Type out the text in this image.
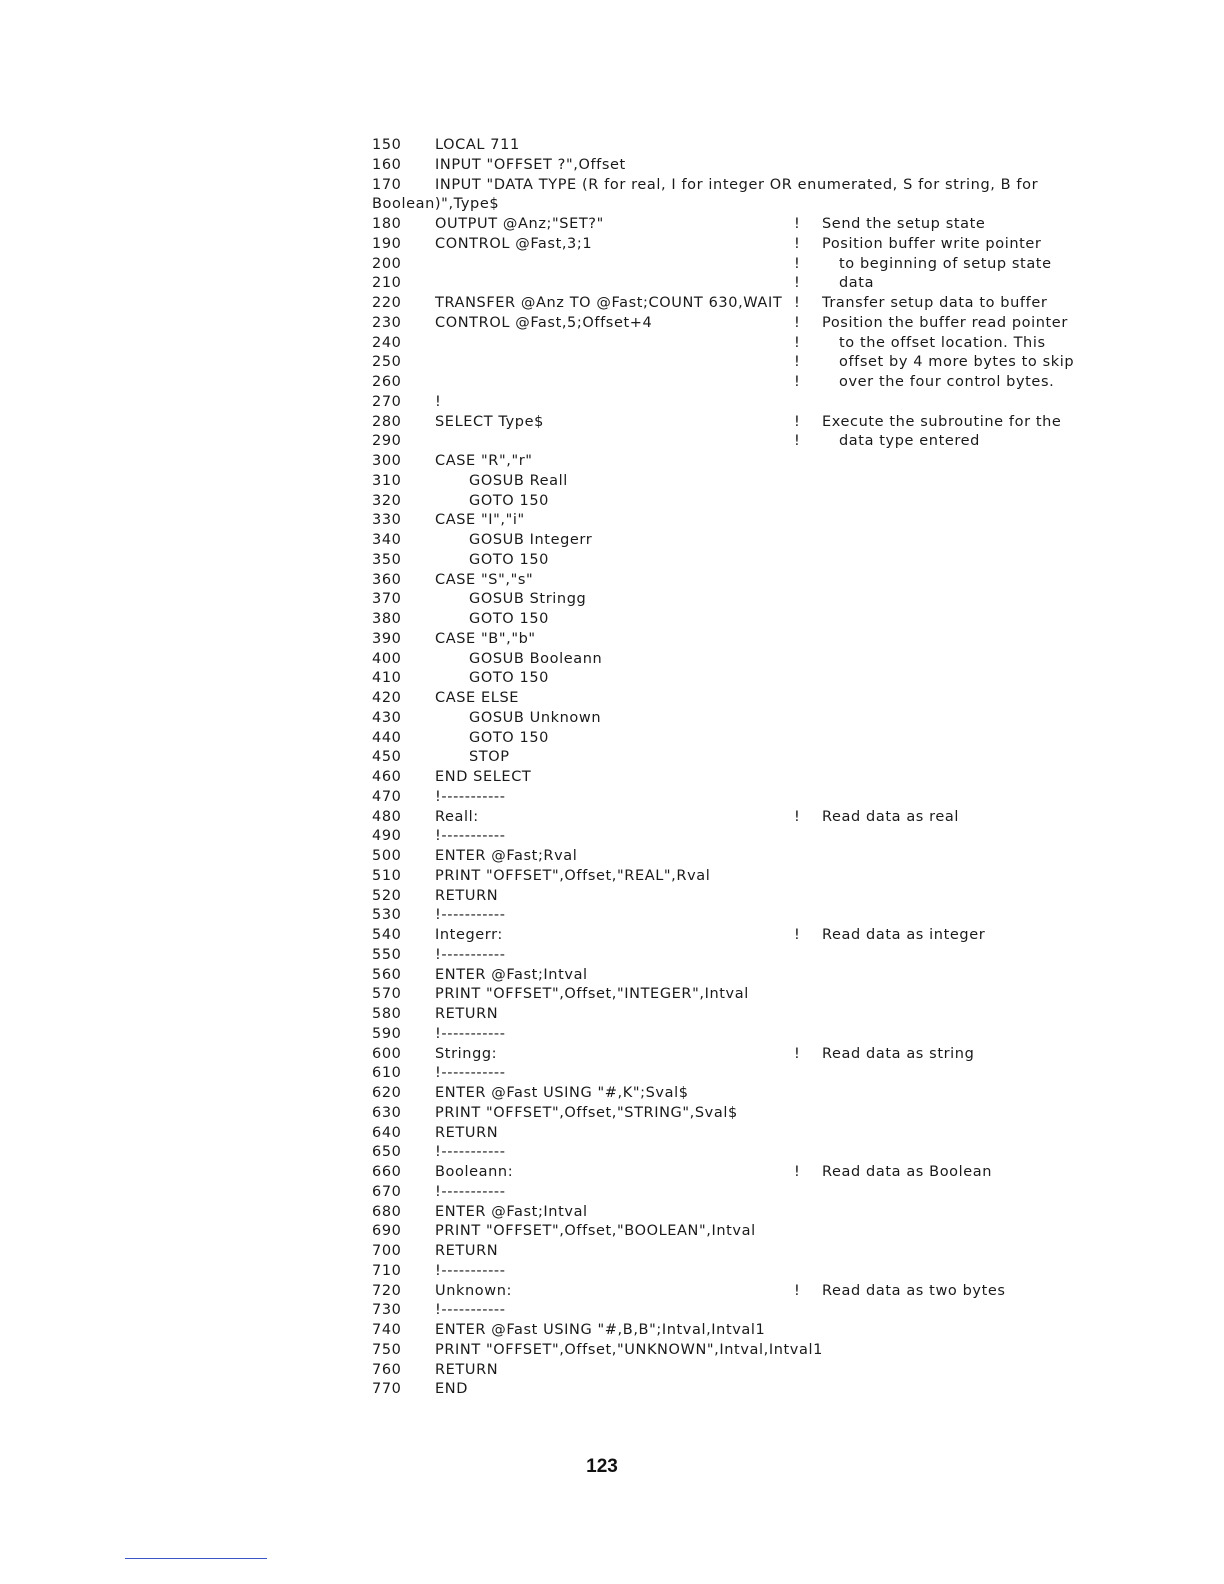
150 LOCAL 711
160 INPUT "OFFSET ?",Offset
170 INPUT "DATA TYPE (R for real, I for integer OR enumerated, S for string, B for
Boolean)",Type$
180 OUTPUT @Anz;"SET?"	! Send the setup state
190 CONTROL @Fast,3;1	! Position buffer write pointer
200	!	to beginning of setup state
210	!	data
220 TRANSFER @Anz TO @Fast;COUNT 630,WAIT ! Transfer setup data to buffer
230 CONTROL @Fast,5;Offset+4	! Position the buffer read pointer
240	!	to the offset location. This
250	!	offset by 4 more bytes to skip
260	!	over the four control bytes.
270 !
280 SELECT Type$	! Execute the subroutine for the
290	!	data type entered
300 CASE "R","r"
310	GOSUB Reall
320	GOTO 150
330 CASE "I","i"
340	GOSUB Integerr
350	GOTO 150
360 CASE "S","s"
370	GOSUB Stringg
380	GOTO 150
390 CASE "B","b"
400	GOSUB Booleann
410	GOTO 150
420 CASE ELSE
430	GOSUB Unknown
440	GOTO 150
450	STOP
460 END SELECT
470 !-----------
480 Reall:	! Read data as real
490 !-----------
500 ENTER @Fast;Rval
510 PRINT "OFFSET",Offset,"REAL",Rval
520 RETURN
530 !-----------
540 Integerr:	! Read data as integer
550 !-----------
560 ENTER @Fast;Intval
570 PRINT "OFFSET",Offset,"INTEGER",Intval
580 RETURN
590 !-----------
600 Stringg:	! Read data as string
610 !-----------
620 ENTER @Fast USING "#,K";Sval$
630 PRINT "OFFSET",Offset,"STRING",Sval$
640 RETURN
650 !-----------
660 Booleann:	! Read data as Boolean
670 !-----------
680 ENTER @Fast;Intval
690 PRINT "OFFSET",Offset,"BOOLEAN",Intval
700 RETURN
710 !-----------
720 Unknown:	! Read data as two bytes
730 !-----------
740 ENTER @Fast USING "#,B,B";Intval,Intval1
750 PRINT "OFFSET",Offset,"UNKNOWN",Intval,Intval1
760 RETURN
770 END
123
